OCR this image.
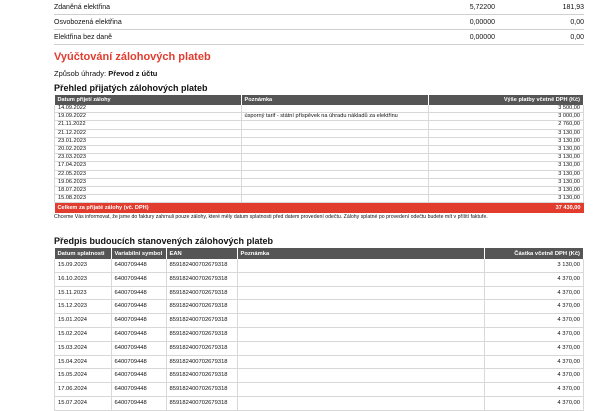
Zdaněná elektřina	5,72200	181,93
Osvobozená elektřina	0,00000	0,00
Elektřina bez daně	0,00000	0,00
Vyúčtování zálohových plateb
Způsob úhrady: Převod z účtu
Přehled přijatých zálohových plateb
Datum přijetí zálohy	Poznámka	Výše platby včetně DPH (Kč)
14.09.2022		3 500,00
19.09.2022	úsporný tarif - státní příspěvek na úhradu nákladů za elektřinu	3 000,00
21.11.2022		2 760,00
21.12.2022		3 130,00
23.01.2023		3 130,00
20.02.2023		3 130,00
23.03.2023		3 130,00
17.04.2023		3 130,00
22.05.2023		3 130,00
19.06.2023		3 130,00
18.07.2023		3 130,00
15.08.2023		3 130,00
Celkem za přijaté zálohy (vč. DPH)		37 430,00
Chceme Vás informovat, že jsme do faktury zahrnuli pouze zálohy, které měly datum splatnosti před datem provedení odečtu. Zálohy splatné po provedení odečtu budete mít v příští faktuře.
Předpis budoucích stanovených zálohových plateb
Datum splatnosti	Variabilní symbol	EAN	Poznámka	Částka včetně DPH (Kč)
15.09.2023	6400709448	859182400702679318		3 130,00
16.10.2023	6400709448	859182400702679318		4 370,00
15.11.2023	6400709448	859182400702679318		4 370,00
15.12.2023	6400709448	859182400702679318		4 370,00
15.01.2024	6400709448	859182400702679318		4 370,00
15.02.2024	6400709448	859182400702679318		4 370,00
15.03.2024	6400709448	859182400702679318		4 370,00
15.04.2024	6400709448	859182400702679318		4 370,00
15.05.2024	6400709448	859182400702679318		4 370,00
17.06.2024	6400709448	859182400702679318		4 370,00
15.07.2024	6400709448	859182400702679318		4 370,00
